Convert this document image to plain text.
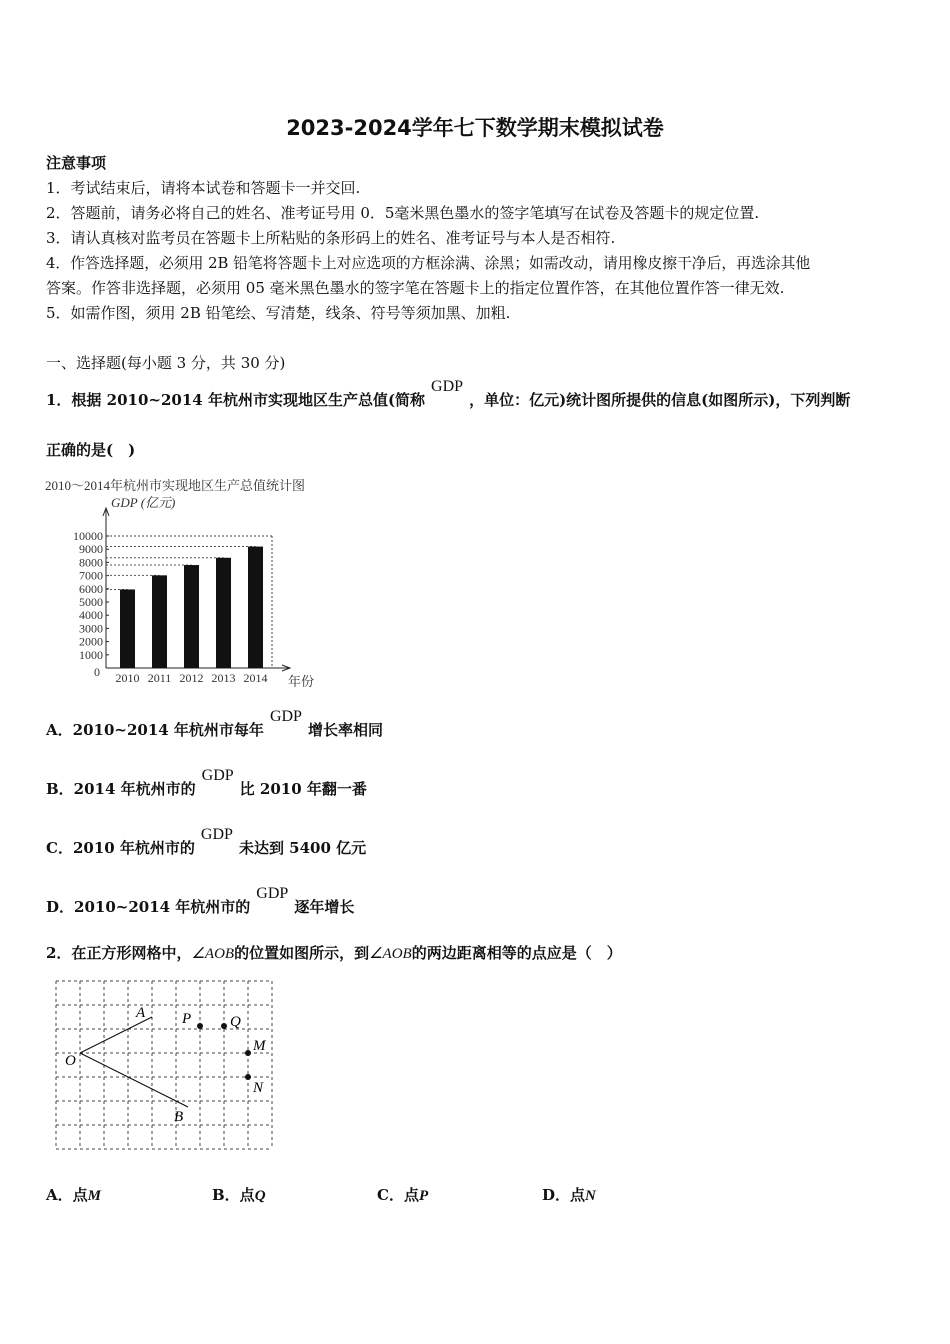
2023-2024学年七下数学期末模拟试卷
注意事项
1．考试结束后，请将本试卷和答题卡一并交回.
2．答题前，请务必将自己的姓名、准考证号用 0．5毫米黑色墨水的签字笔填写在试卷及答题卡的规定位置.
3．请认真核对监考员在答题卡上所粘贴的条形码上的姓名、准考证号与本人是否相符.
4．作答选择题，必须用 2B 铅笔将答题卡上对应选项的方框涂满、涂黑；如需改动，请用橡皮擦干净后，再选涂其他
答案。作答非选择题，必须用 05 毫米黑色墨水的签字笔在答题卡上的指定位置作答，在其他位置作答一律无效.
5．如需作图，须用 2B 铅笔绘、写清楚，线条、符号等须加黑、加粗.
一、选择题(每小题 3 分，共 30 分)
1．根据 2010~2014 年杭州市实现地区生产总值(简称GDP，单位：亿元)统计图所提供的信息(如图所示)，下列判断
正确的是(　)
2010～2014年杭州市实现地区生产总值统计图
GDP (亿元)
年份
0
1000
2000
3000
4000
5000
6000
7000
8000
9000
10000
2010 2011 2012 2013 2014
A．2010~2014 年杭州市每年GDP增长率相同
B．2014 年杭州市的GDP比 2010 年翻一番
C．2010 年杭州市的GDP未达到 5400 亿元
D．2010~2014 年杭州市的GDP逐年增长
2．在正方形网格中，∠AOB的位置如图所示，到∠AOB的两边距离相等的点应是（　）
O
A
B
P	Q
M
N
A．点M	B．点Q	C．点P	D．点N
